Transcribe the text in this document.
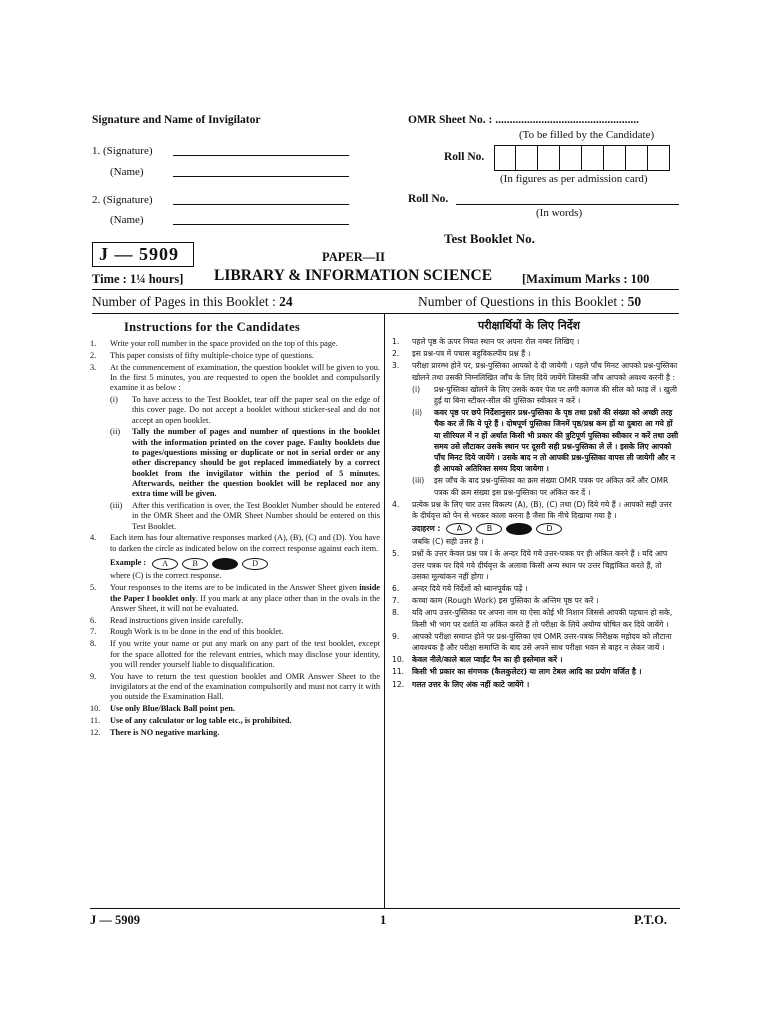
Signature and Name of Invigilator
1. (Signature)
(Name)
2. (Signature)
(Name)
OMR Sheet No. : ..................................................
(To be filled by the Candidate)
Roll No.
(In figures as per admission card)
Roll No.
(In words)
J — 5909
Test Booklet No.
PAPER—II
Time : 1¼ hours] LIBRARY & INFORMATION SCIENCE [Maximum Marks : 100
Number of Pages in this Booklet : 24	Number of Questions in this Booklet : 50
Instructions for the Candidates
1.	Write your roll number in the space provided on the top of this page.
2.	This paper consists of fifty multiple-choice type of questions.
3.	At the commencement of examination, the question booklet will be given to you. In the first 5 minutes, you are requested to open the booklet and compulsorily examine it as below :
(i)	To have access to the Test Booklet, tear off the paper seal on the edge of this cover page. Do not accept a booklet without sticker-seal and do not accept an open booklet.
(ii)	Tally the number of pages and number of questions in the booklet with the information printed on the cover page. Faulty booklets due to pages/questions missing or duplicate or not in serial order or any other discrepancy should be got replaced immediately by a correct booklet from the invigilator within the period of 5 minutes. Afterwards, neither the question booklet will be replaced nor any extra time will be given.
(iii)	After this verification is over, the Test Booklet Number should be entered in the OMR Sheet and the OMR Sheet Number should be entered on this Test Booklet.
4.	Each item has four alternative responses marked (A), (B), (C) and (D). You have to darken the circle as indicated below on the correct response against each item.
Example :	A	B	D
where (C) is the correct response.
5.	Your responses to the items are to be indicated in the Answer Sheet given inside the Paper I booklet only. If you mark at any place other than in the ovals in the Answer Sheet, it will not be evaluated.
6.	Read instructions given inside carefully.
7.	Rough Work is to be done in the end of this booklet.
8.	If you write your name or put any mark on any part of the test booklet, except for the space allotted for the relevant entries, which may disclose your identity, you will render yourself liable to disqualification.
9.	You have to return the test question booklet and OMR Answer Sheet to the invigilators at the end of the examination compulsorily and must not carry it with you outside the Examination Hall.
10.	Use only Blue/Black Ball point pen.
11.	Use of any calculator or log table etc., is prohibited.
12.	There is NO negative marking.
परीक्षार्थियों के लिए निर्देश
1.	पहले पृष्ठ के ऊपर नियत स्थान पर अपना रोल नम्बर लिखिए ।
2.	इस प्रश्न-पत्र में पचास बहुविकल्पीय प्रश्न हैं ।
3.	परीक्षा प्रारम्भ होने पर, प्रश्न-पुस्तिका आपको दे दी जायेगी । पहले पाँच मिनट आपको प्रश्न-पुस्तिका खोलने तथा उसकी निम्नलिखित जाँच के लिए दिये जायेंगे जिसकी जाँच आपको अवश्य करनी है :
(i)	प्रश्न-पुस्तिका खोलने के लिए उसके कवर पेज पर लगी कागज की सील को फाड़ लें । खुली हुई या बिना स्टीकर-सील की पुस्तिका स्वीकार न करें ।
(ii)	कवर पृष्ठ पर छपे निर्देशानुसार प्रश्न-पुस्तिका के पृष्ठ तथा प्रश्नों की संख्या को अच्छी तरह चैक कर लें कि ये पूरे हैं । दोषपूर्ण पुस्तिका जिनमें पृष्ठ/प्रश्न कम हों या दुबारा आ गये हों या सीरियल में न हों अर्थात किसी भी प्रकार की त्रुटिपूर्ण पुस्तिका स्वीकार न करें तथा उसी समय उसे लौटाकर उसके स्थान पर दूसरी सही प्रश्न-पुस्तिका ले लें । इसके लिए आपको पाँच मिनट दिये जायेंगे । उसके बाद न तो आपकी प्रश्न-पुस्तिका वापस ली जायेगी और न ही आपको अतिरिक्त समय दिया जायेगा ।
(iii)	इस जाँच के बाद प्रश्न-पुस्तिका का क्रम संख्या OMR पत्रक पर अंकित करें और OMR पत्रक की क्रम संख्या इस प्रश्न-पुस्तिका पर अंकित कर दें ।
4.	प्रत्येक प्रश्न के लिए चार उत्तर विकल्प (A), (B), (C) तथा (D) दिये गये हैं । आपको सही उत्तर के दीर्घवृत्त को पेन से भरकर काला करना है जैसा कि नीचे दिखाया गया है ।
उदाहरण :	A	B	D
जबकि (C) सही उत्तर है ।
5.	प्रश्नों के उत्तर केवल प्रश्न पत्र I के अन्दर दिये गये उत्तर-पत्रक पर ही अंकित करने हैं । यदि आप उत्तर पत्रक पर दिये गये दीर्घवृत्त के अलावा किसी अन्य स्थान पर उत्तर चिह्नांकित करते हैं, तो उसका मूल्यांकन नहीं होगा ।
6.	अन्दर दिये गये निर्देशों को ध्यानपूर्वक पढ़ें ।
7.	कच्चा काम (Rough Work) इस पुस्तिका के अन्तिम पृष्ठ पर करें ।
8.	यदि आप उत्तर-पुस्तिका पर अपना नाम या ऐसा कोई भी निशान जिससे आपकी पहचान हो सके, किसी भी भाग पर दर्शाते या अंकित करते हैं तो परीक्षा के लिये अयोग्य घोषित कर दिये जायेंगे ।
9.	आपको परीक्षा समाप्त होने पर प्रश्न-पुस्तिका एवं OMR उत्तर-पत्रक निरीक्षक महोदय को लौटाना आवश्यक है और परीक्षा समाप्ति के बाद उसे अपने साथ परीक्षा भवन से बाहर न लेकर जायें ।
10.	केवल नीले/काले बाल प्वाईंट पैन का ही इस्तेमाल करें ।
11.	किसी भी प्रकार का संगणक (कैलकुलेटर) या लाग टेबल आदि का प्रयोग वर्जित है ।
12.	गलत उत्तर के लिए अंक नहीं काटे जायेंगे ।
J — 5909	1	P.T.O.
